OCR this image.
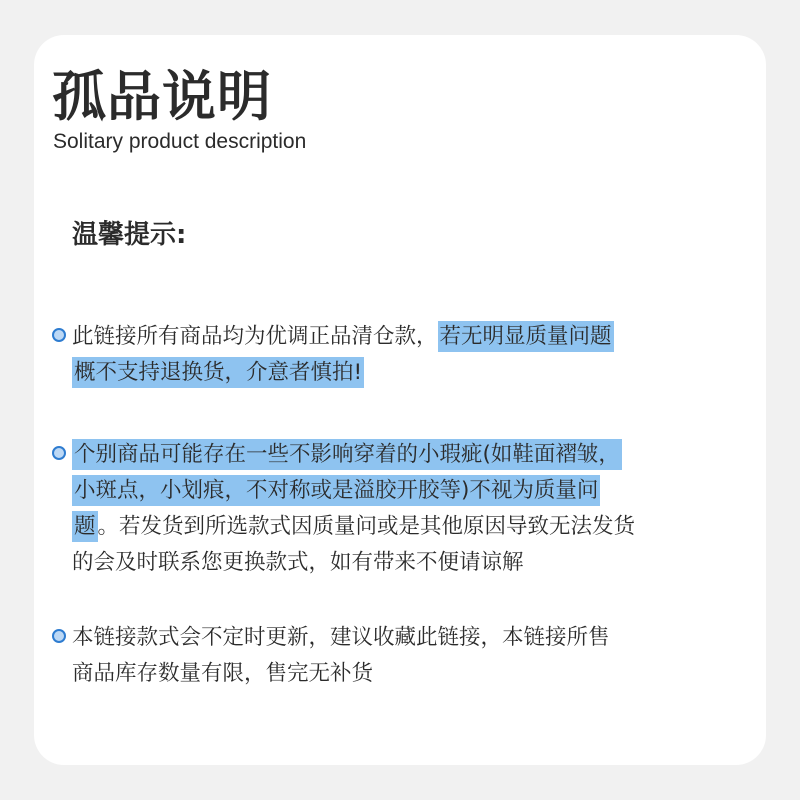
孤品说明

Solitary product description

温馨提示:

此链接所有商品均为优调正品清仓款，若无明显质量问题
概不支持退换货，介意者慎拍!

个别商品可能存在一些不影响穿着的小瑕疵(如鞋面褶皱，
小斑点，小划痕，不对称或是溢胶开胶等)不视为质量问
题。若发货到所选款式因质量问或是其他原因导致无法发货
的会及时联系您更换款式，如有带来不便请谅解

本链接款式会不定时更新，建议收藏此链接，本链接所售
商品库存数量有限，售完无补货
